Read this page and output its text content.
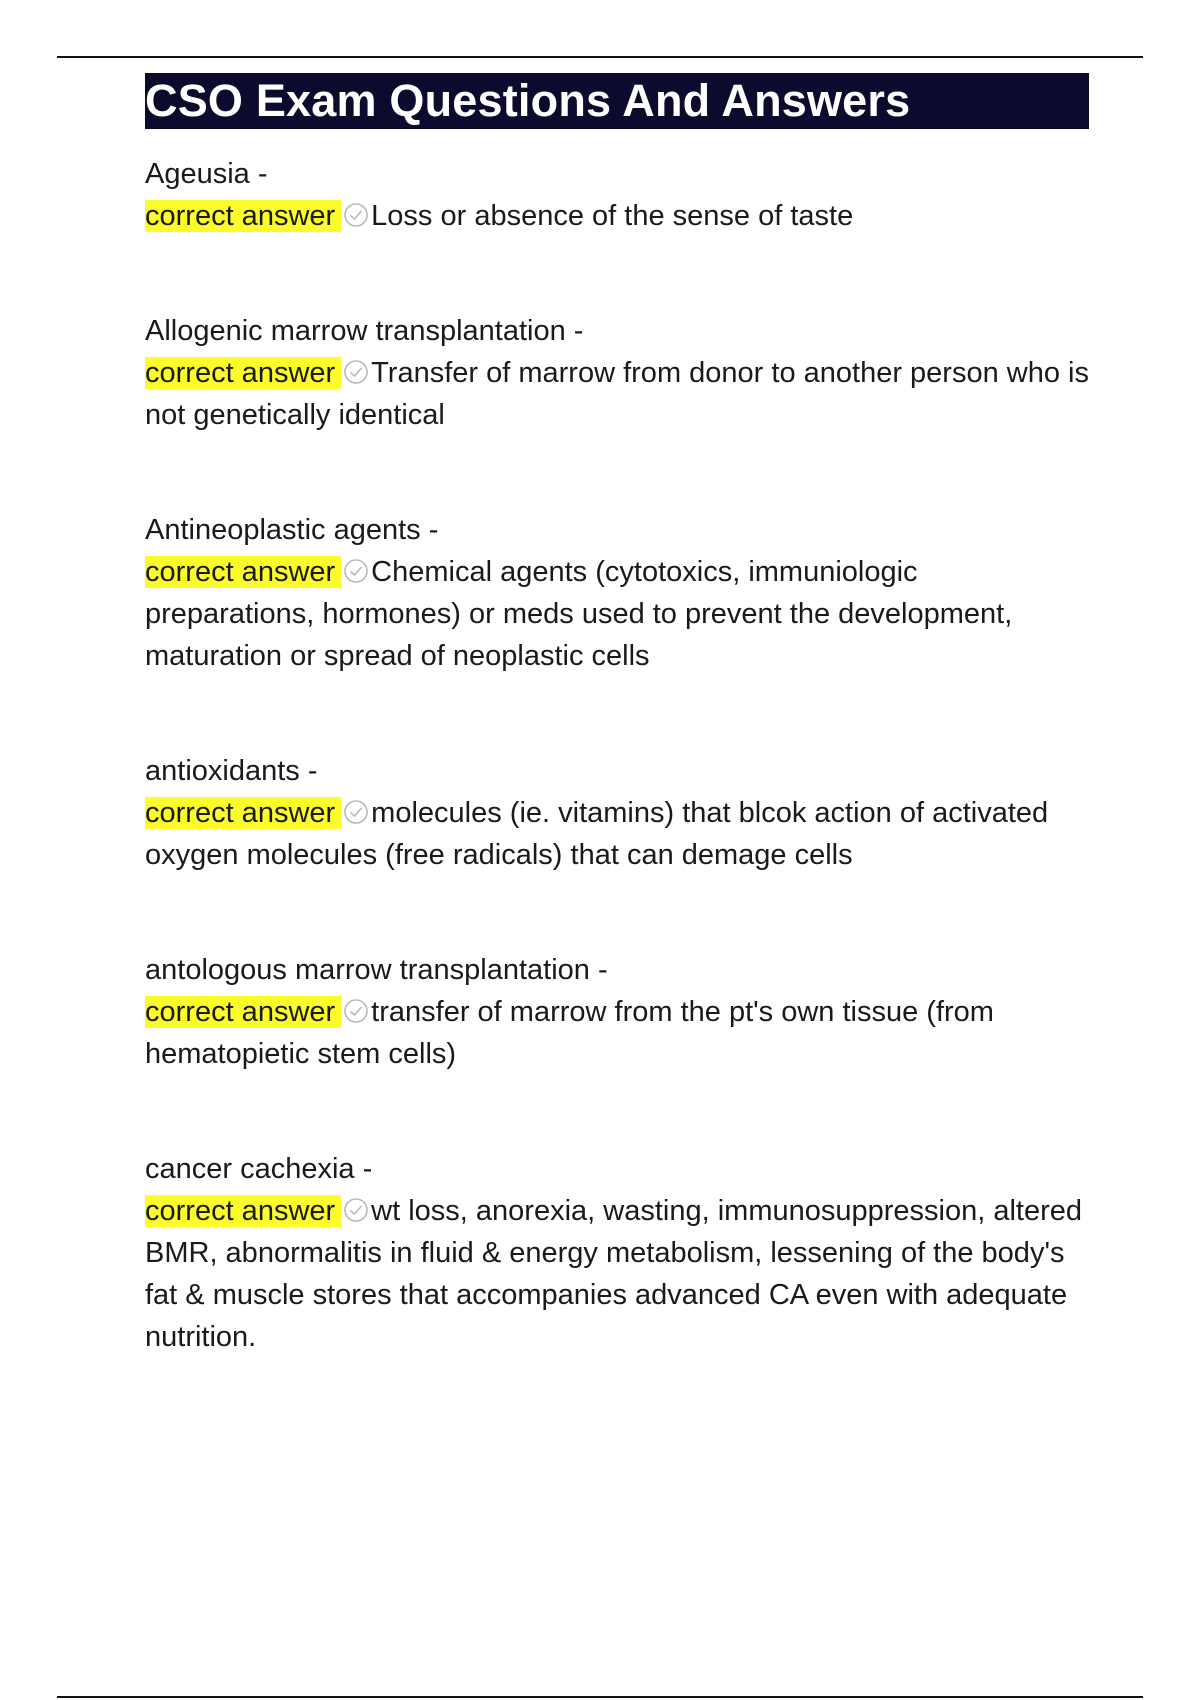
CSO Exam Questions And Answers

Ageusia -

correct answer Loss or absence of the sense of taste

Allogenic marrow transplantation -

correct answer Transfer of marrow from donor to another person who is not genetically identical

Antineoplastic agents -

correct answer Chemical agents (cytotoxics, immuniologic preparations, hormones) or meds used to prevent the development, maturation or spread of neoplastic cells

antioxidants -

correct answer molecules (ie. vitamins) that blcok action of activated oxygen molecules (free radicals) that can demage cells

antologous marrow transplantation -

correct answer transfer of marrow from the pt's own tissue (from hematopietic stem cells)

cancer cachexia -

correct answer wt loss, anorexia, wasting, immunosuppression, altered BMR, abnormalitis in fluid & energy metabolism, lessening of the body's fat & muscle stores that accompanies advanced CA even with adequate nutrition.
